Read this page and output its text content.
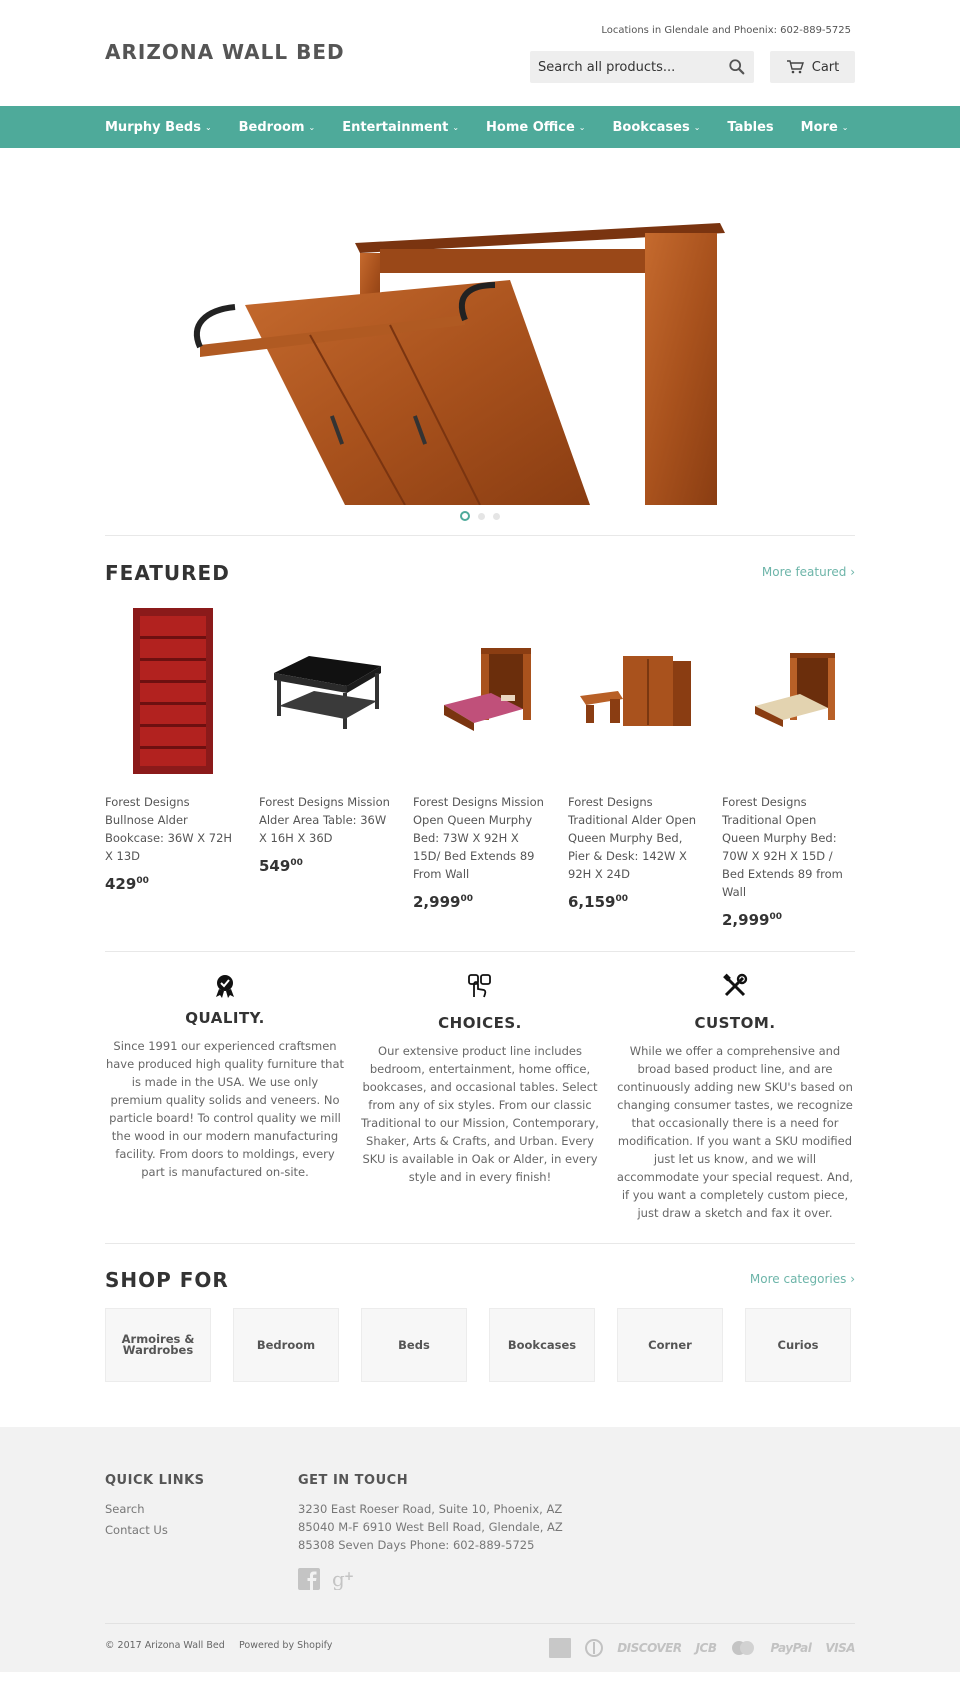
Locations in Glendale and Phoenix: 602-889-5725
ARIZONA WALL BED
Search all products...
Cart
Murphy Beds ⌄ Bedroom ⌄ Entertainment ⌄ Home Office ⌄ Bookcases ⌄ Tables More ⌄
FEATURED	More featured ›
Forest Designs Bullnose Alder Bookcase: 36W X 72H X 13D
$429^{00}$
Forest Designs Mission Alder Area Table: 36W X 16H X 36D
$549^{00}$
Forest Designs Mission Open Queen Murphy Bed: 73W X 92H X 15D/ Bed Extends 89 From Wall
2,999$^{00}$
Forest Designs Traditional Alder Open Queen Murphy Bed, Pier & Desk: 142W X 92H X 24D
6,159$^{00}$
Forest Designs Traditional Open Queen Murphy Bed: 70W X 92H X 15D / Bed Extends 89 from Wall
2,999$^{00}$
QUALITY.

Since 1991 our experienced craftsmen have produced high quality furniture that is made in the USA. We use only premium quality solids and veneers. No particle board! To control quality we mill the wood in our modern manufacturing facility. From doors to moldings, every part is manufactured on-site.

CHOICES.

Our extensive product line includes bedroom, entertainment, home office, bookcases, and occasional tables. Select from any of six styles. From our classic Traditional to our Mission, Contemporary, Shaker, Arts & Crafts, and Urban. Every SKU is available in Oak or Alder, in every style and in every finish!

CUSTOM.

While we offer a comprehensive and broad based product line, and are continuously adding new SKU's based on changing consumer tastes, we recognize that occasionally there is a need for modification. If you want a SKU modified just let us know, and we will accommodate your special request. And, if you want a completely custom piece, just draw a sketch and fax it over.

SHOP FOR	More categories ›
Armoires & Wardrobes	Bedroom	Beds	Bookcases	Corner	Curios
QUICK LINKS
Search
Contact Us
GET IN TOUCH
3230 East Roeser Road, Suite 10, Phoenix, AZ 85040 M-F 6910 West Bell Road, Glendale, AZ 85308 Seven Days Phone: 602-889-5725
g +
© 2017 Arizona Wall Bed Powered by Shopify	DISCOVER JCB	PayPal VISA
